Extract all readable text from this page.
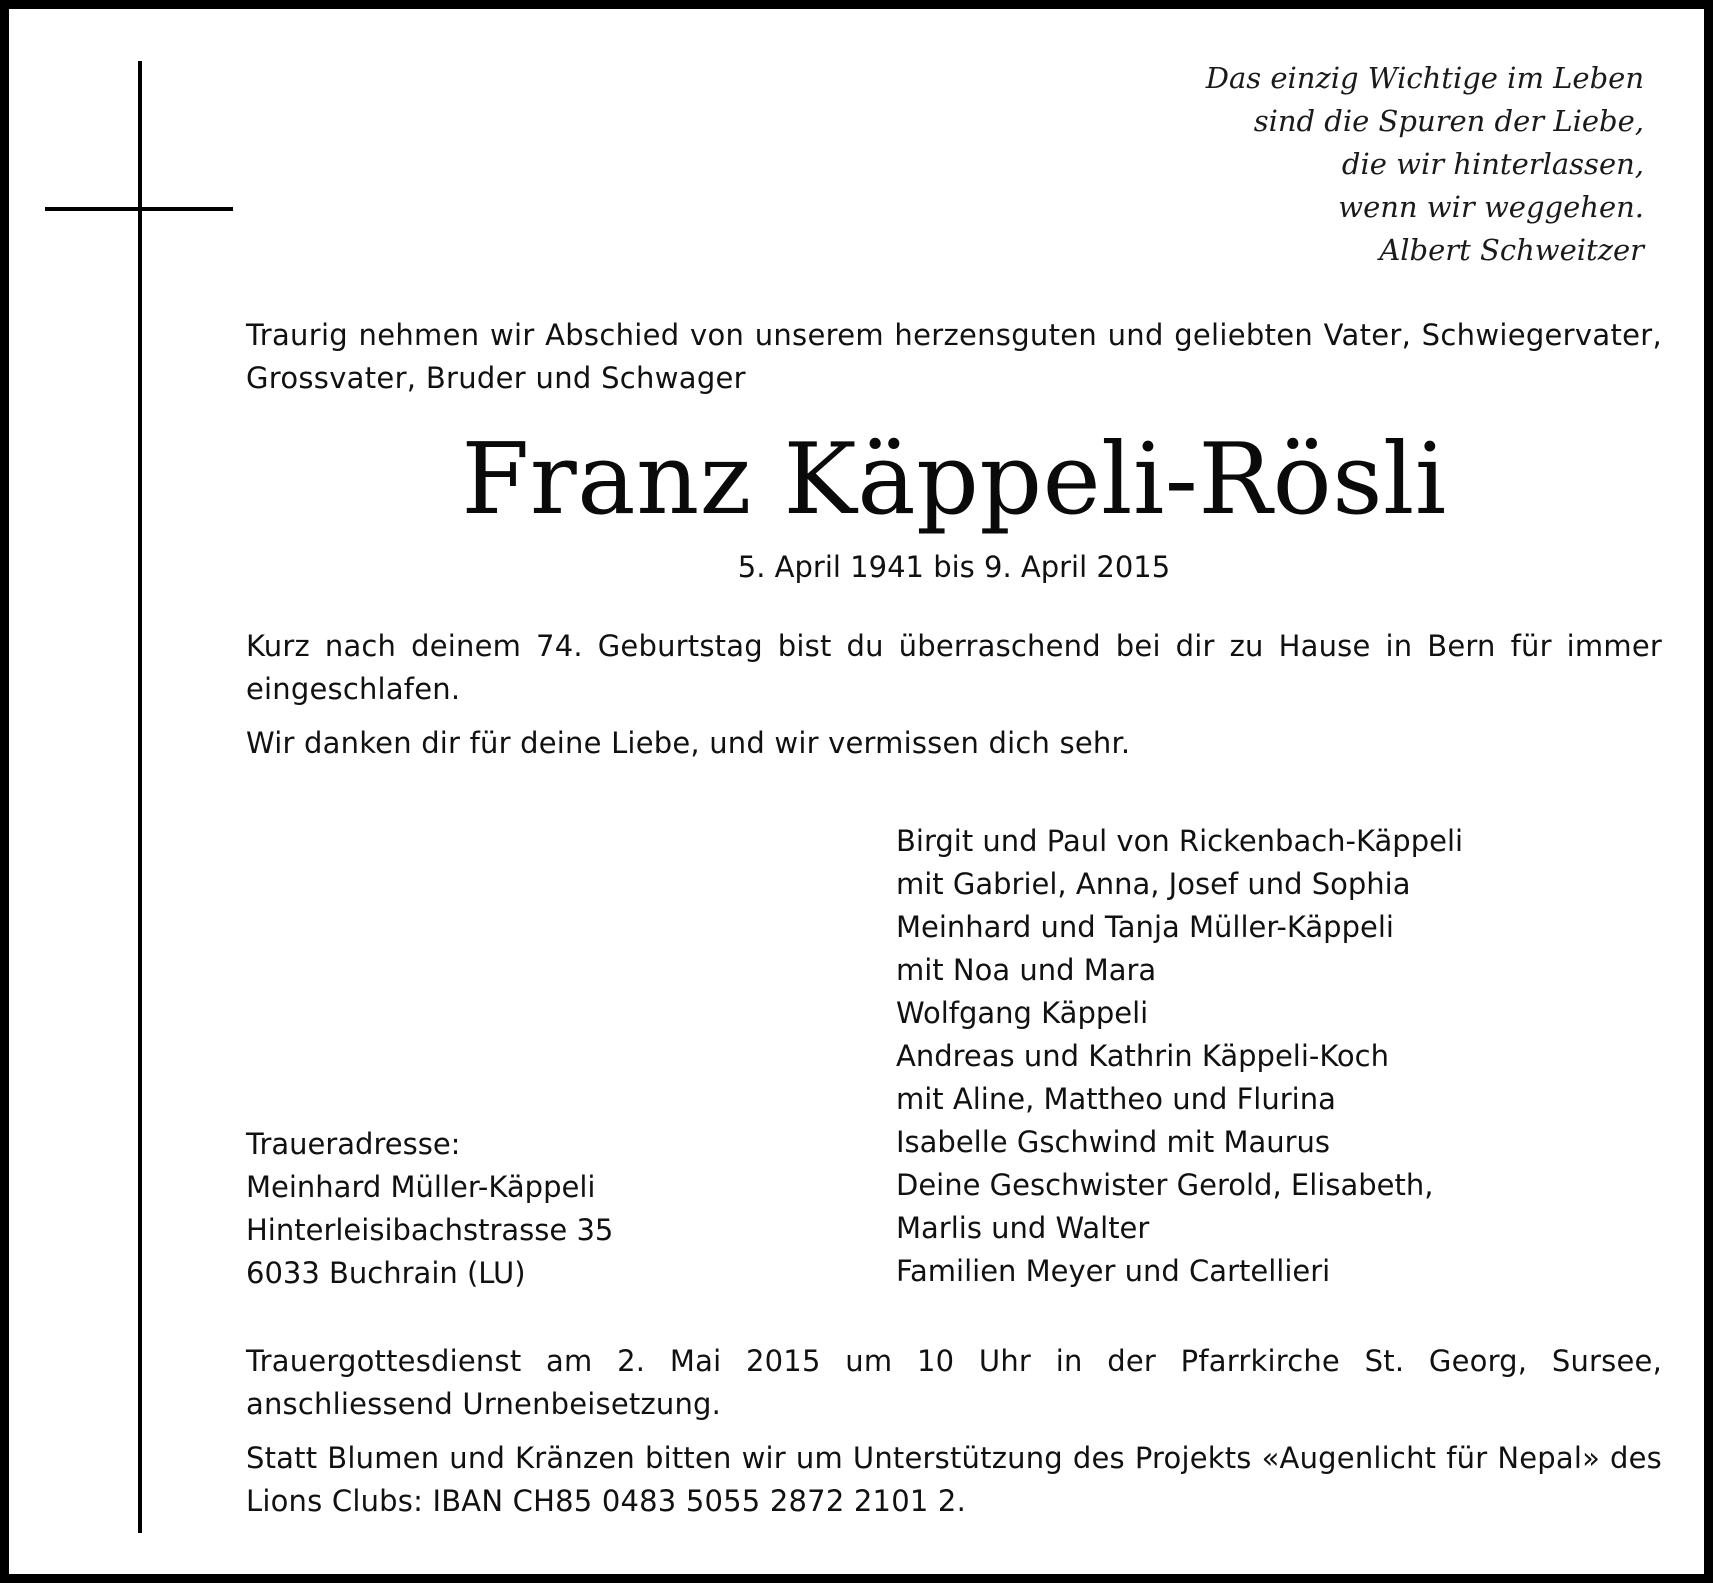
Das einzig Wichtige im Leben
sind die Spuren der Liebe,
die wir hinterlassen,
wenn wir weggehen.
Albert Schweitzer

Traurig nehmen wir Abschied von unserem herzensguten und geliebten Vater, Schwiegervater, Grossvater, Bruder und Schwager

Franz Käppeli-Rösli

5. April 1941 bis 9. April 2015

Kurz nach deinem 74. Geburtstag bist du überraschend bei dir zu Hause in Bern für immer eingeschlafen.

Wir danken dir für deine Liebe, und wir vermissen dich sehr.

Traueradresse:
Meinhard Müller-Käppeli
Hinterleisibachstrasse 35
6033 Buchrain (LU)
Birgit und Paul von Rickenbach-Käppeli
mit Gabriel, Anna, Josef und Sophia
Meinhard und Tanja Müller-Käppeli
mit Noa und Mara
Wolfgang Käppeli
Andreas und Kathrin Käppeli-Koch
mit Aline, Mattheo und Flurina
Isabelle Gschwind mit Maurus
Deine Geschwister Gerold, Elisabeth,
Marlis und Walter
Familien Meyer und Cartellieri

Trauergottesdienst am 2. Mai 2015 um 10 Uhr in der Pfarrkirche St. Georg, Sursee, anschliessend Urnenbeisetzung.

Statt Blumen und Kränzen bitten wir um Unterstützung des Projekts «Augenlicht für Nepal» des Lions Clubs: IBAN CH85 0483 5055 2872 2101 2.
